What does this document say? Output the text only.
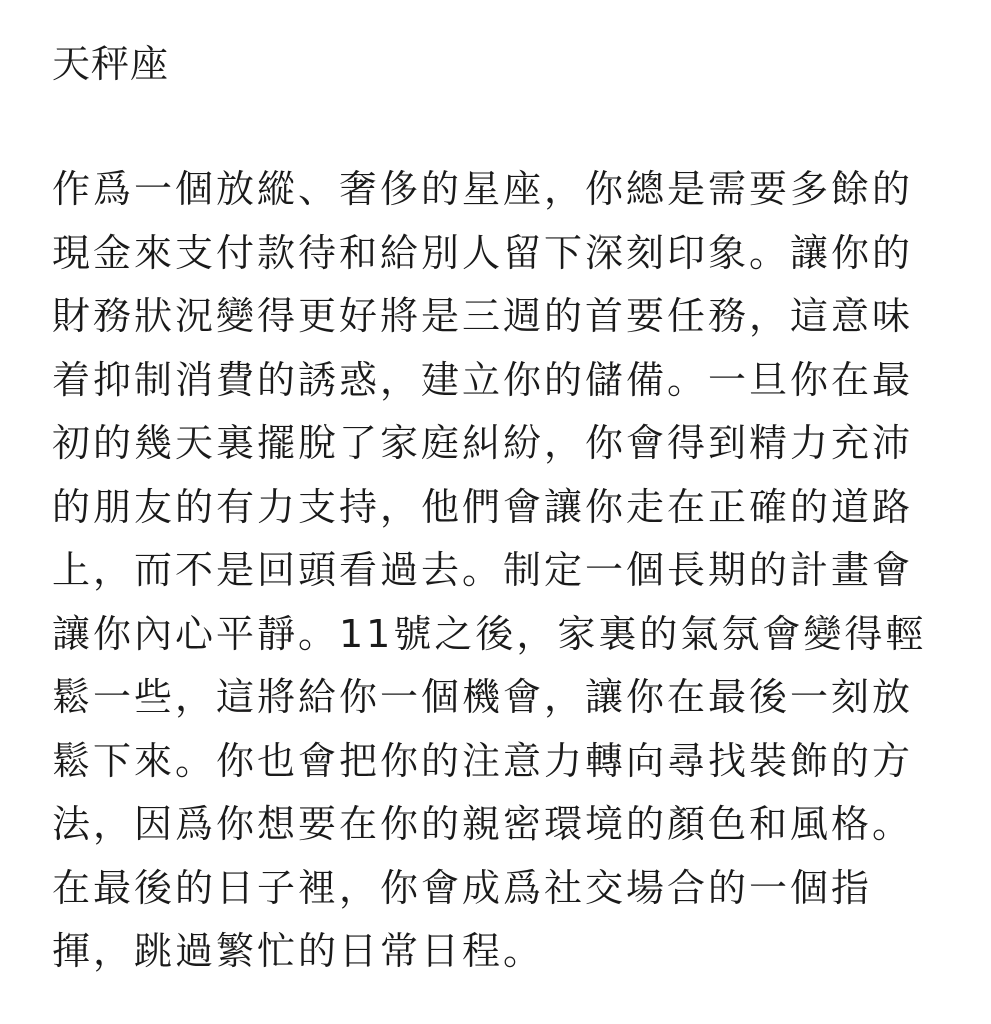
天秤座
作爲一個放縱、奢侈的星座，你總是需要多餘的
現金來支付款待和給別人留下深刻印象。讓你的
財務狀況變得更好將是三週的首要任務，這意味
着抑制消費的誘惑，建立你的儲備。一旦你在最
初的幾天裏擺脫了家庭糾紛，你會得到精力充沛
的朋友的有力支持，他們會讓你走在正確的道路
上，而不是回頭看過去。制定一個長期的計畫會
讓你內心平靜。11號之後，家裏的氣氛會變得輕
鬆一些，這將給你一個機會，讓你在最後一刻放
鬆下來。你也會把你的注意力轉向尋找裝飾的方
法，因爲你想要在你的親密環境的顏色和風格。
在最後的日子裡，你會成爲社交場合的一個指
揮，跳過繁忙的日常日程。
